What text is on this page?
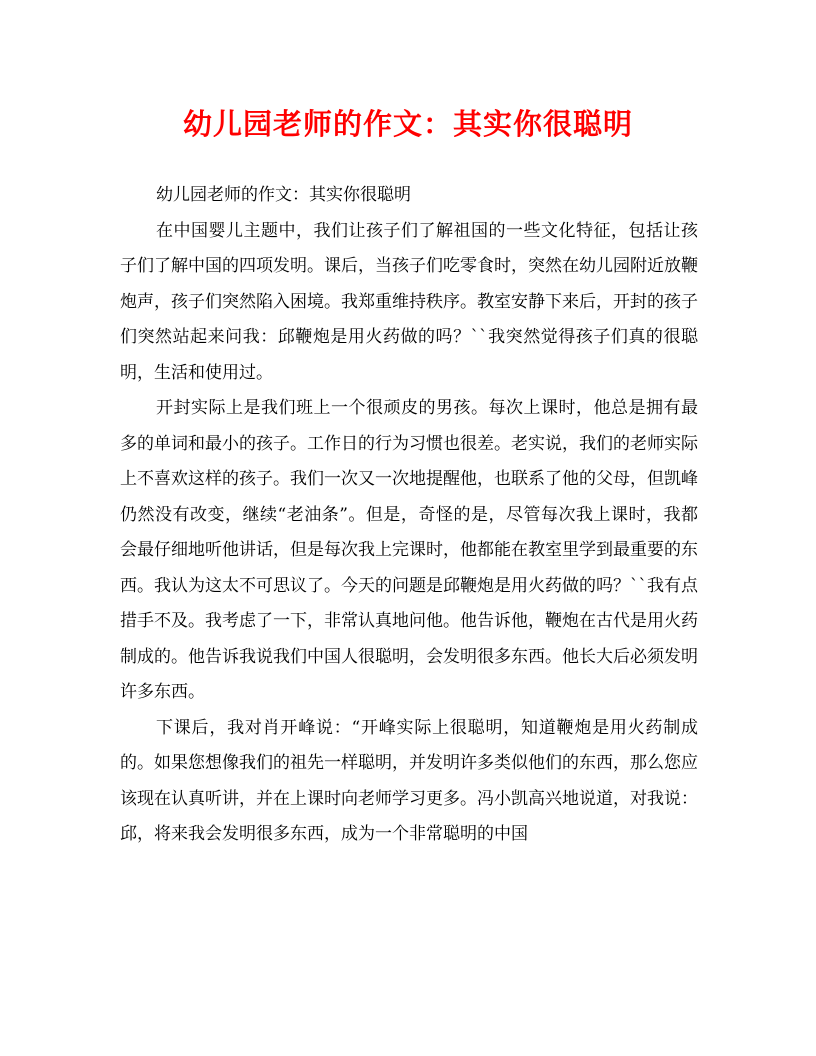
幼儿园老师的作文：其实你很聪明

幼儿园老师的作文：其实你很聪明

在中国婴儿主题中，我们让孩子们了解祖国的一些文化特征，包括让孩子们了解中国的四项发明。课后，当孩子们吃零食时，突然在幼儿园附近放鞭炮声，孩子们突然陷入困境。我郑重维持秩序。教室安静下来后，开封的孩子们突然站起来问我：邱鞭炮是用火药做的吗？``我突然觉得孩子们真的很聪明，生活和使用过。

开封实际上是我们班上一个很顽皮的男孩。每次上课时，他总是拥有最多的单词和最小的孩子。工作日的行为习惯也很差。老实说，我们的老师实际上不喜欢这样的孩子。我们一次又一次地提醒他，也联系了他的父母，但凯峰仍然没有改变，继续“老油条”。但是，奇怪的是，尽管每次我上课时，我都会最仔细地听他讲话，但是每次我上完课时，他都能在教室里学到最重要的东西。我认为这太不可思议了。今天的问题是邱鞭炮是用火药做的吗？``我有点措手不及。我考虑了一下，非常认真地问他。他告诉他，鞭炮在古代是用火药制成的。他告诉我说我们中国人很聪明，会发明很多东西。他长大后必须发明许多东西。

下课后，我对肖开峰说：“开峰实际上很聪明，知道鞭炮是用火药制成的。如果您想像我们的祖先一样聪明，并发明许多类似他们的东西，那么您应该现在认真听讲，并在上课时向老师学习更多。冯小凯高兴地说道，对我说：邱，将来我会发明很多东西，成为一个非常聪明的中国
